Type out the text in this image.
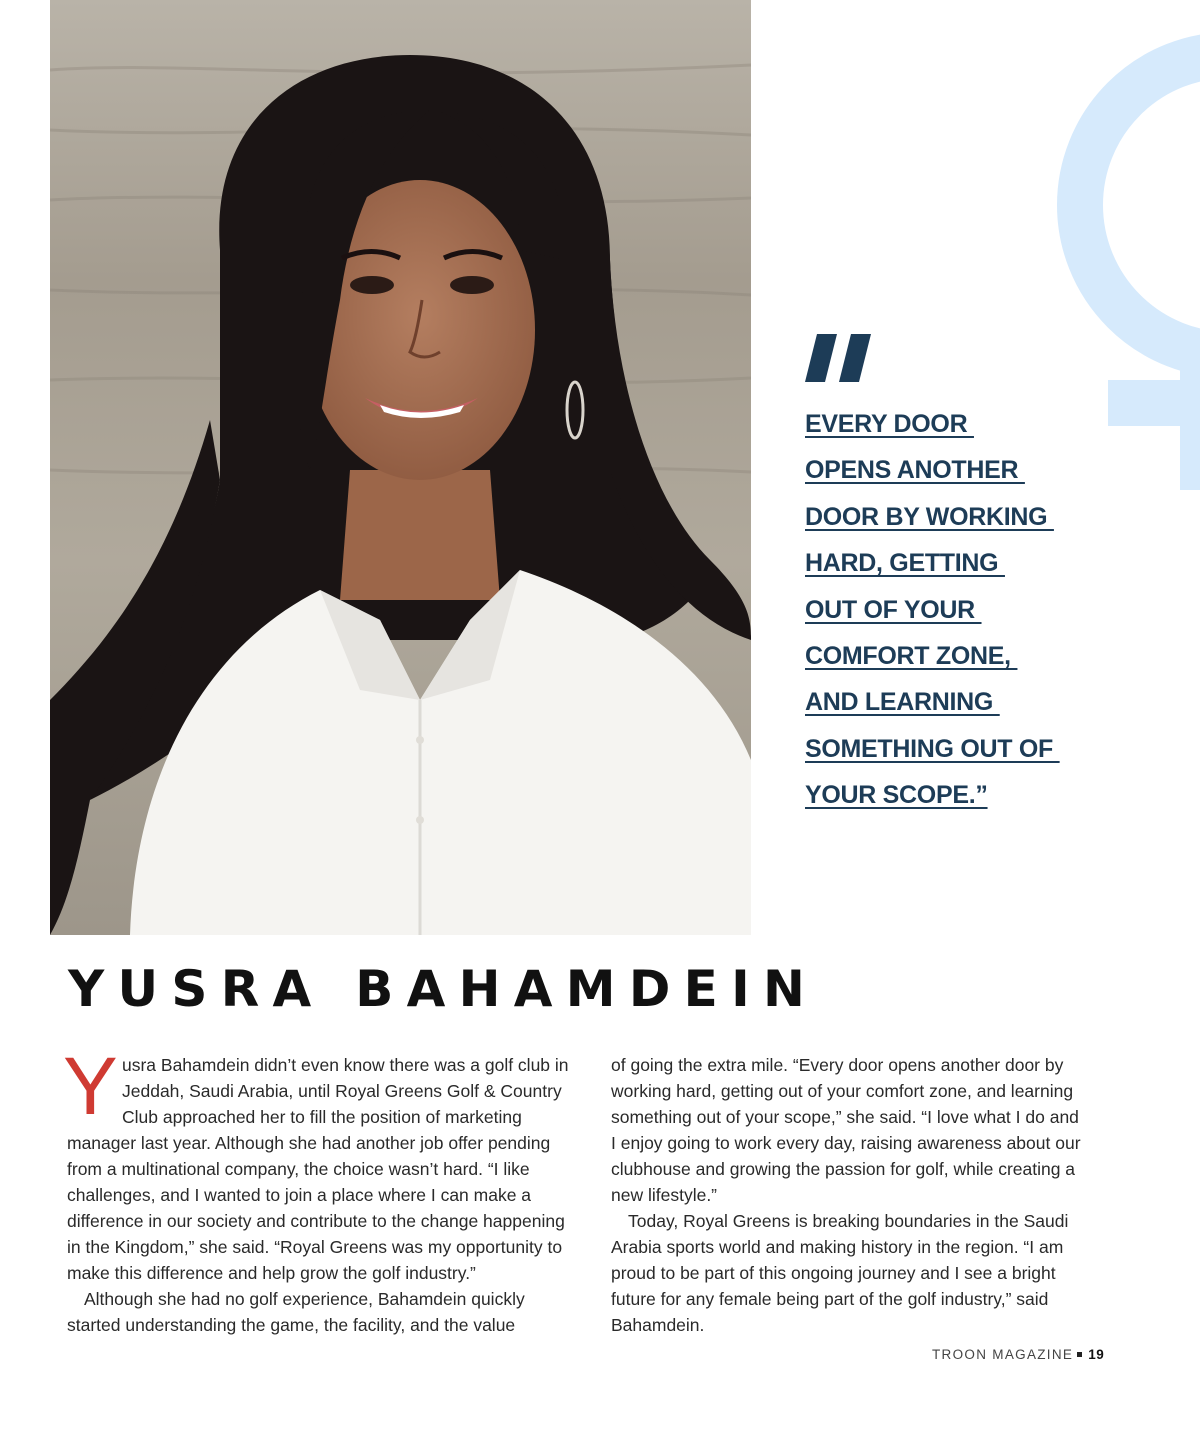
EVERY DOOR
OPENS ANOTHER
DOOR BY WORKING
HARD, GETTING
OUT OF YOUR
COMFORT ZONE,
AND LEARNING
SOMETHING OUT OF
YOUR SCOPE.”
YUSRA BAHAMDEIN
Y usra Bahamdein didn’t even know there was a golf club in
Jeddah, Saudi Arabia, until Royal Greens Golf & Country
Club approached her to fill the position of marketing
manager last year. Although she had another job offer pending
from a multinational company, the choice wasn’t hard. “I like
challenges, and I wanted to join a place where I can make a
difference in our society and contribute to the change happening
in the Kingdom,” she said. “Royal Greens was my opportunity to
make this difference and help grow the golf industry.”
Although she had no golf experience, Bahamdein quickly
started understanding the game, the facility, and the value
of going the extra mile. “Every door opens another door by
working hard, getting out of your comfort zone, and learning
something out of your scope,” she said. “I love what I do and
I enjoy going to work every day, raising awareness about our
clubhouse and growing the passion for golf, while creating a
new lifestyle.”
Today, Royal Greens is breaking boundaries in the Saudi
Arabia sports world and making history in the region. “I am
proud to be part of this ongoing journey and I see a bright
future for any female being part of the golf industry,” said
Bahamdein.
TROON MAGAZINE 19
